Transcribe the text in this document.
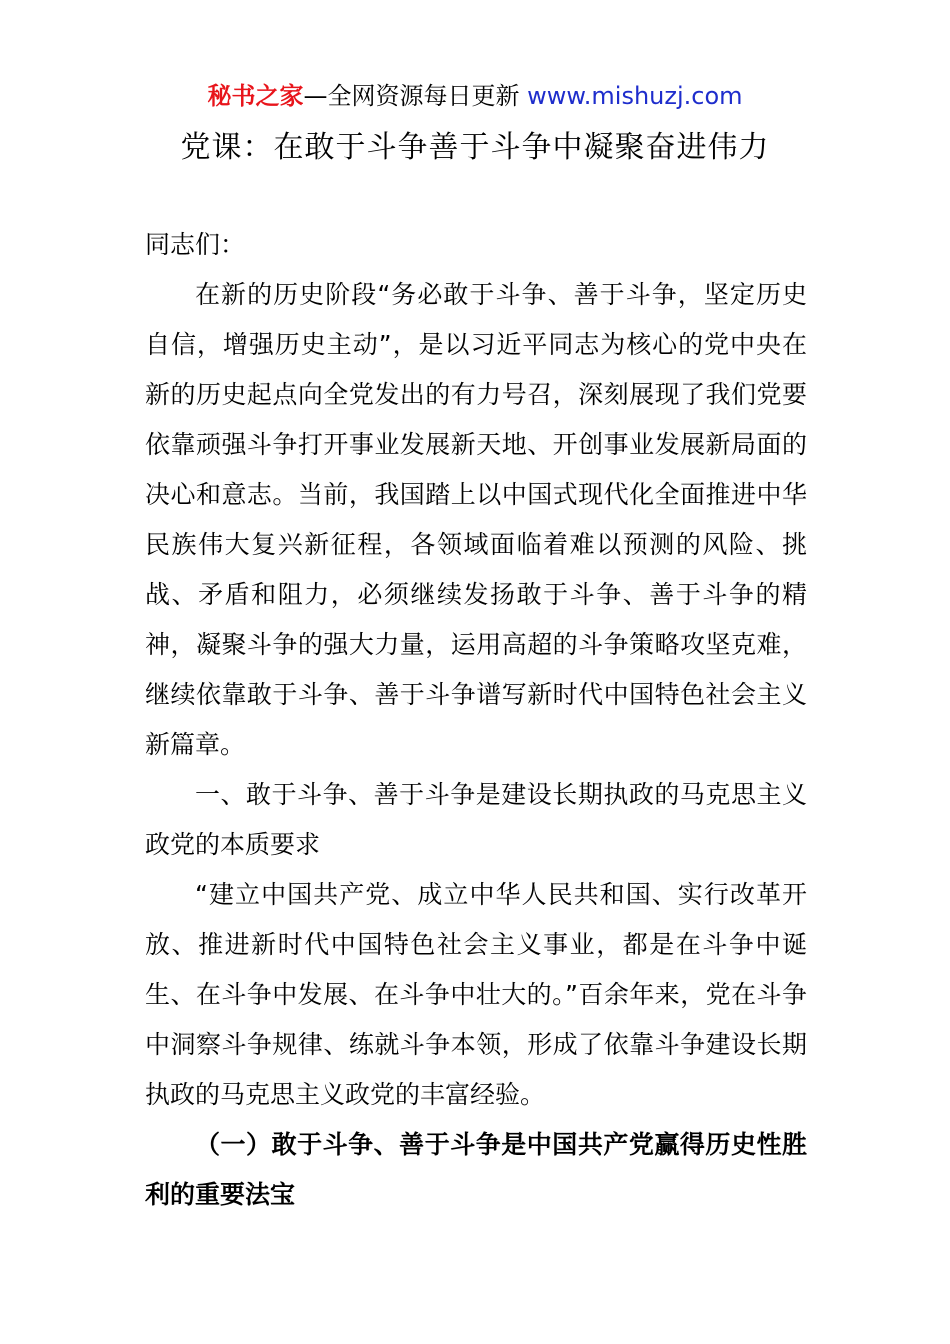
秘书之家—全网资源每日更新 www.mishuzj.com
党课：在敢于斗争善于斗争中凝聚奋进伟力

同志们：

在新的历史阶段“务必敢于斗争、善于斗争，坚定历史自信，增强历史主动”，是以习近平同志为核心的党中央在新的历史起点向全党发出的有力号召，深刻展现了我们党要依靠顽强斗争打开事业发展新天地、开创事业发展新局面的决心和意志。当前，我国踏上以中国式现代化全面推进中华民族伟大复兴新征程，各领域面临着难以预测的风险、挑战、矛盾和阻力，必须继续发扬敢于斗争、善于斗争的精神，凝聚斗争的强大力量，运用高超的斗争策略攻坚克难，继续依靠敢于斗争、善于斗争谱写新时代中国特色社会主义新篇章。

一、敢于斗争、善于斗争是建设长期执政的马克思主义政党的本质要求

“建立中国共产党、成立中华人民共和国、实行改革开放、推进新时代中国特色社会主义事业，都是在斗争中诞生、在斗争中发展、在斗争中壮大的。”百余年来，党在斗争中洞察斗争规律、练就斗争本领，形成了依靠斗争建设长期执政的马克思主义政党的丰富经验。

（一）敢于斗争、善于斗争是中国共产党赢得历史性胜利的重要法宝
